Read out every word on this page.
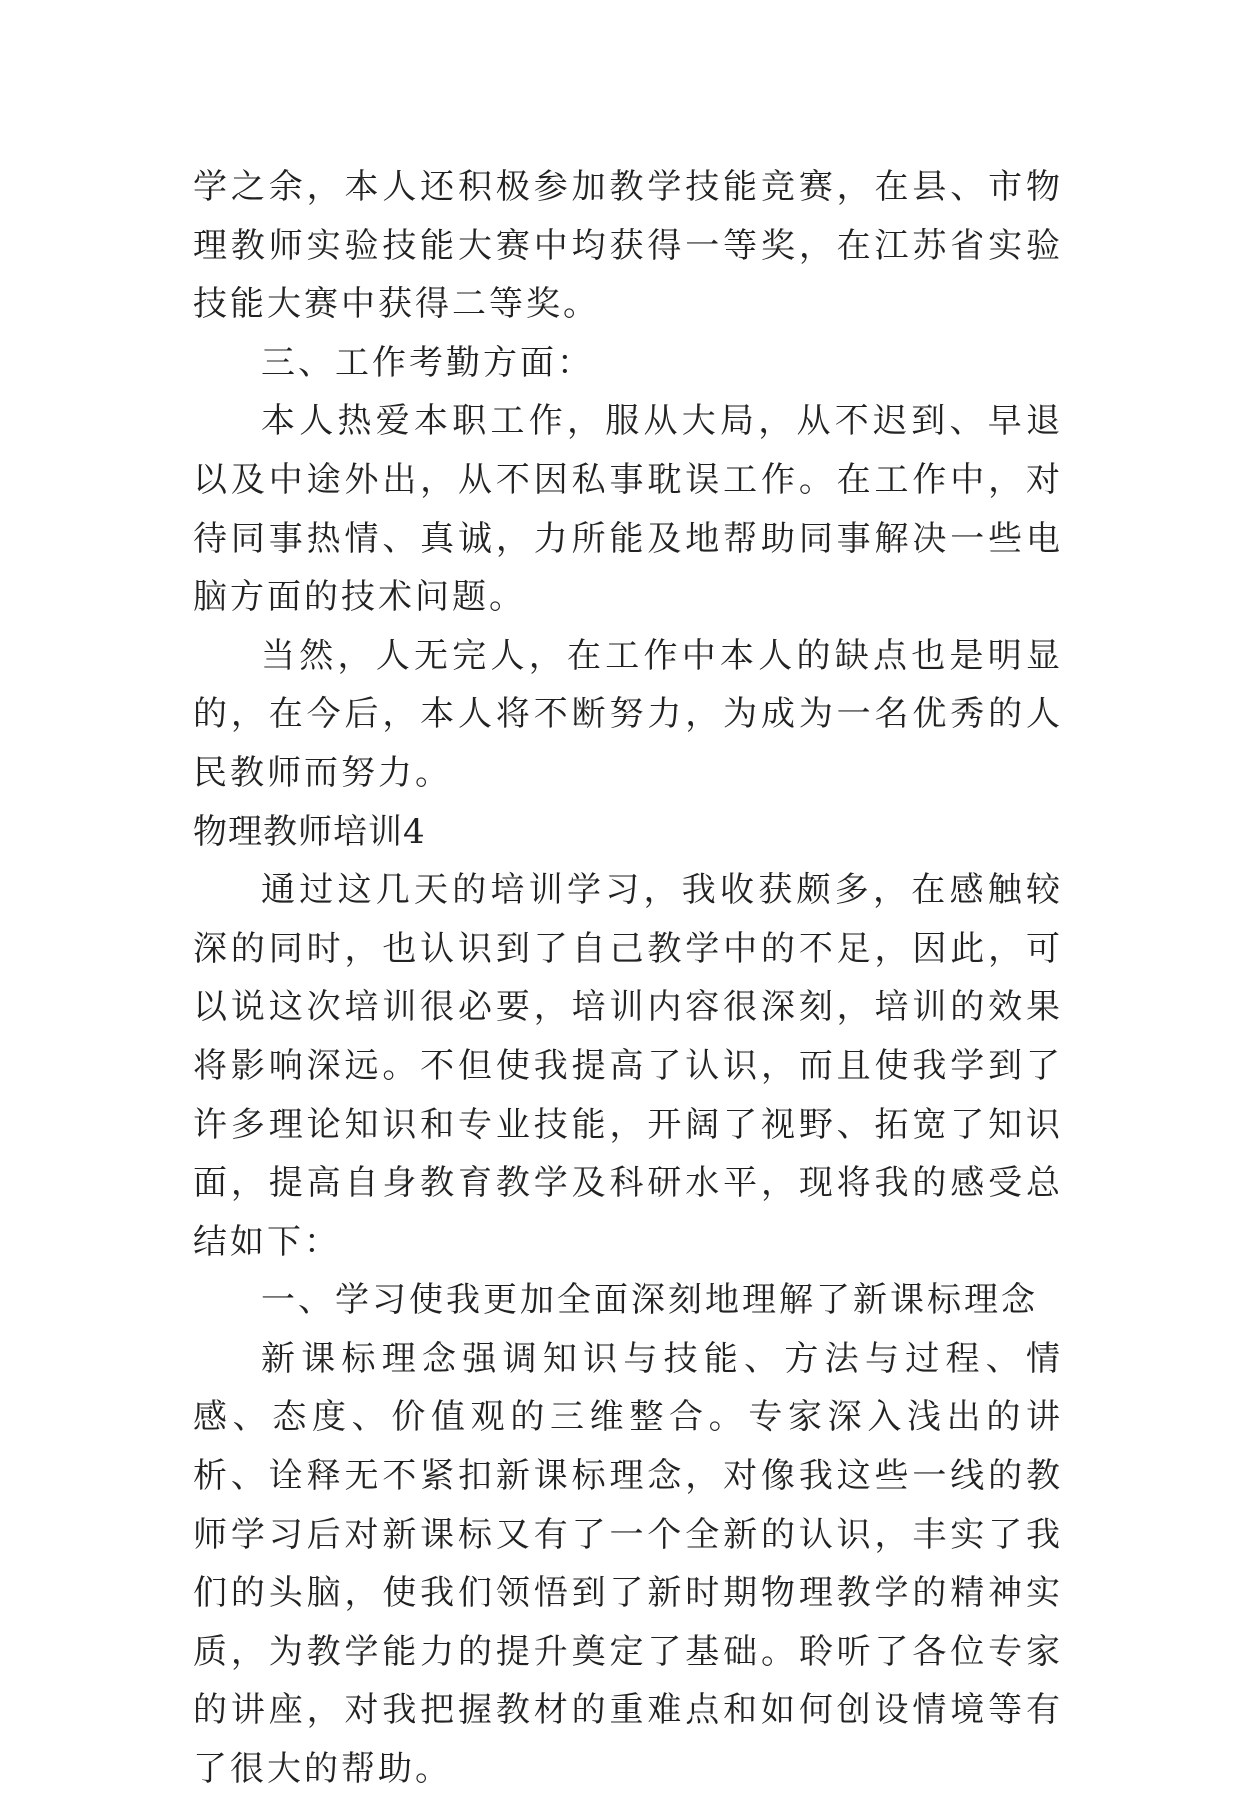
学之余，本人还积极参加教学技能竞赛，在县、市物理教师实验技能大赛中均获得一等奖，在江苏省实验技能大赛中获得二等奖。

三、工作考勤方面：

本人热爱本职工作，服从大局，从不迟到、早退以及中途外出，从不因私事耽误工作。在工作中，对待同事热情、真诚，力所能及地帮助同事解决一些电脑方面的技术问题。

当然，人无完人，在工作中本人的缺点也是明显的，在今后，本人将不断努力，为成为一名优秀的人民教师而努力。

物理教师培训4

通过这几天的培训学习，我收获颇多，在感触较深的同时，也认识到了自己教学中的不足，因此，可以说这次培训很必要，培训内容很深刻，培训的效果将影响深远。不但使我提高了认识，而且使我学到了许多理论知识和专业技能，开阔了视野、拓宽了知识面，提高自身教育教学及科研水平，现将我的感受总结如下：

一、学习使我更加全面深刻地理解了新课标理念

新课标理念强调知识与技能、方法与过程、情感、态度、价值观的三维整合。专家深入浅出的讲析、诠释无不紧扣新课标理念，对像我这些一线的教师学习后对新课标又有了一个全新的认识，丰实了我们的头脑，使我们领悟到了新时期物理教学的精神实质，为教学能力的提升奠定了基础。聆听了各位专家的讲座，对我把握教材的重难点和如何创设情境等有了很大的帮助。
